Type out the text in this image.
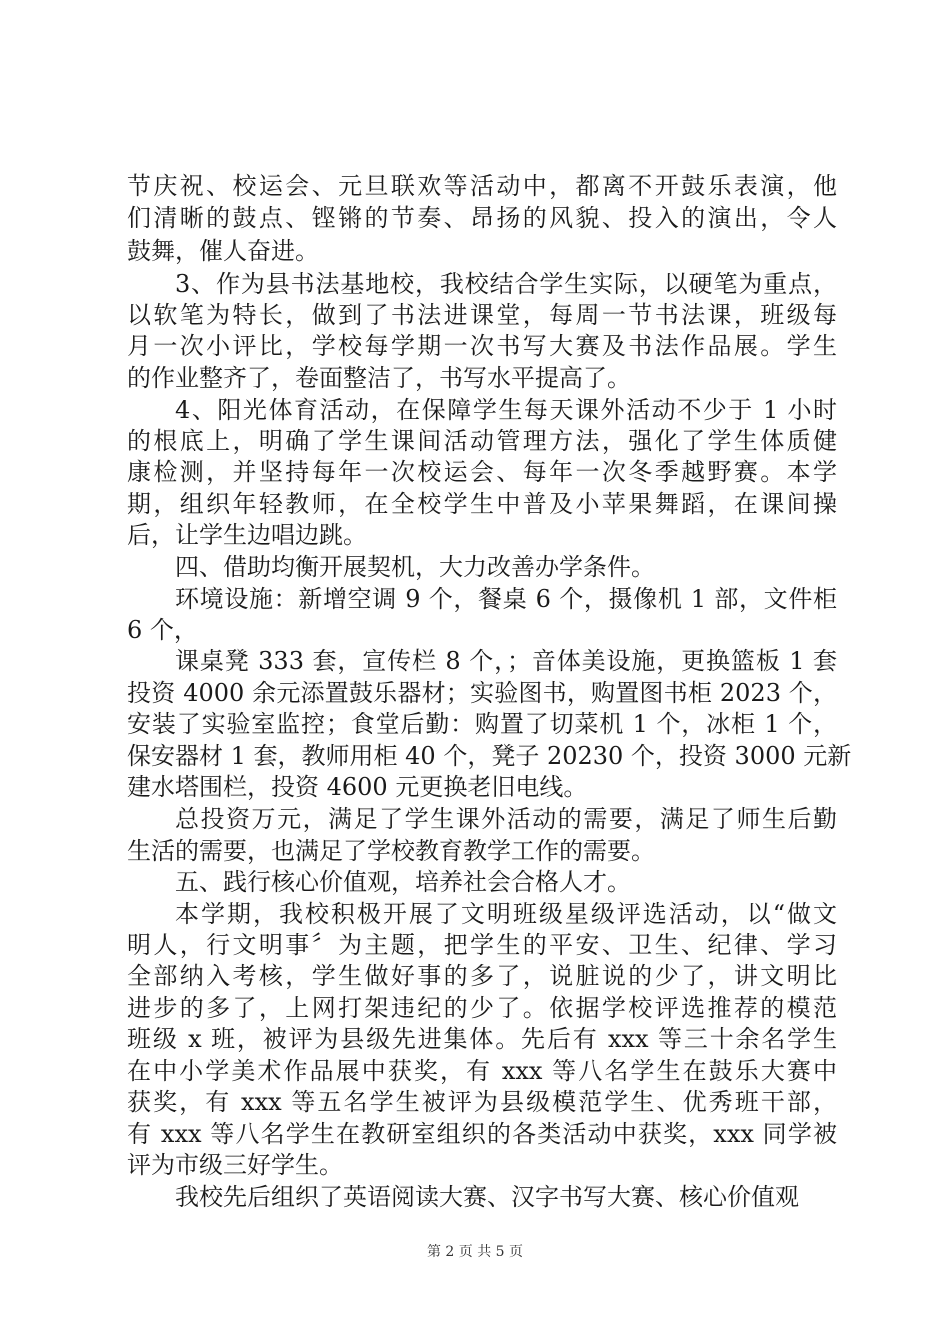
节庆祝、校运会、元旦联欢等活动中，都离不开鼓乐表演，他
们清晰的鼓点、铿锵的节奏、昂扬的风貌、投入的演出，令人
鼓舞，催人奋进。
3、作为县书法基地校，我校结合学生实际，以硬笔为重点，
以软笔为特长，做到了书法进课堂，每周一节书法课，班级每
月一次小评比，学校每学期一次书写大赛及书法作品展。学生
的作业整齐了，卷面整洁了，书写水平提高了。
4、阳光体育活动，在保障学生每天课外活动不少于 1 小时
的根底上，明确了学生课间活动管理方法，强化了学生体质健
康检测，并坚持每年一次校运会、每年一次冬季越野赛。本学
期，组织年轻教师，在全校学生中普及小苹果舞蹈，在课间操
后，让学生边唱边跳。
四、借助均衡开展契机，大力改善办学条件。
环境设施：新增空调 9 个，餐桌 6 个，摄像机 1 部，文件柜
6 个，
课桌凳 333 套，宣传栏 8 个，；音体美设施，更换篮板 1 套
投资 4000 余元添置鼓乐器材；实验图书，购置图书柜 2023 个，
安装了实验室监控；食堂后勤：购置了切菜机 1 个，冰柜 1 个，
保安器材 1 套，教师用柜 40 个，凳子 20230 个，投资 3000 元新
建水塔围栏，投资 4600 元更换老旧电线。
总投资万元，满足了学生课外活动的需要，满足了师生后勤
生活的需要，也满足了学校教育教学工作的需要。
五、践行核心价值观，培养社会合格人才。
本学期，我校积极开展了文明班级星级评选活动，以“做文
明人，行文明事〞为主题，把学生的平安、卫生、纪律、学习
全部纳入考核，学生做好事的多了，说脏说的少了，讲文明比
进步的多了，上网打架违纪的少了。依据学校评选推荐的模范
班级 x 班，被评为县级先进集体。先后有 xxx 等三十余名学生
在中小学美术作品展中获奖，有 xxx 等八名学生在鼓乐大赛中
获奖，有 xxx 等五名学生被评为县级模范学生、优秀班干部，
有 xxx 等八名学生在教研室组织的各类活动中获奖，xxx 同学被
评为市级三好学生。
我校先后组织了英语阅读大赛、汉字书写大赛、核心价值观
第 2 页 共 5 页
